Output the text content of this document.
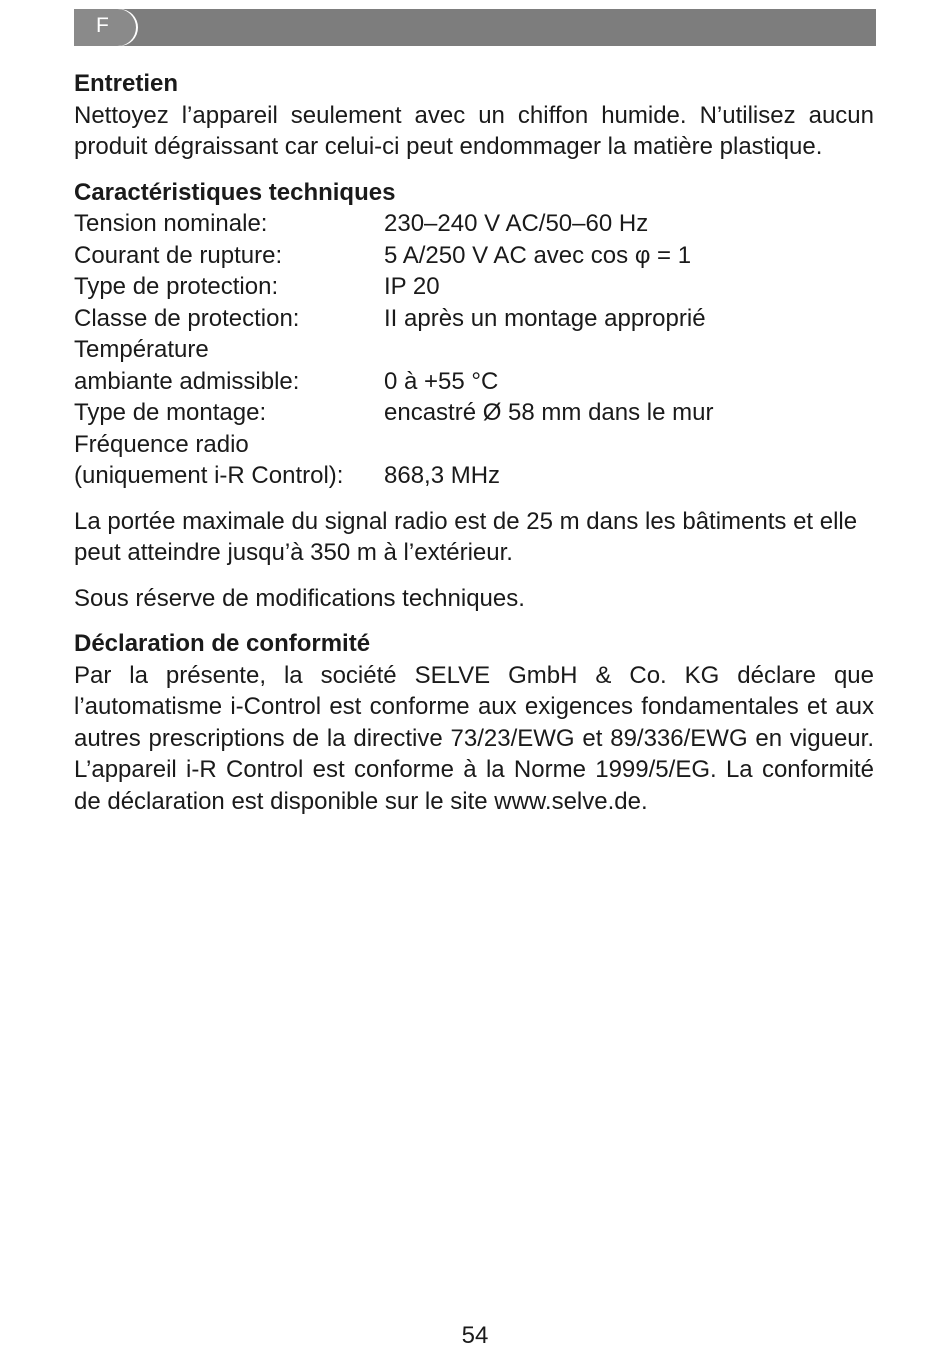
F
Entretien

Nettoyez l’appareil seulement avec un chiffon humide. N’utilisez aucun produit dégraissant car celui-ci peut endommager la matière plastique.

Caractéristiques techniques
Tension nominale:	230–240 V AC/50–60 Hz
Courant de rupture:	5 A/250 V AC avec cos φ = 1
Type de protection:	IP 20
Classe de protection:	II après un montage approprié
Température
ambiante admissible:	0 à +55 °C
Type de montage:	encastré Ø 58 mm dans le mur
Fréquence radio
(uniquement i-R Control):	868,3 MHz

La portée maximale du signal radio est de 25 m dans les bâtiments et elle peut atteindre jusqu’à 350 m à l’extérieur.

Sous réserve de modifications techniques.

Déclaration de conformité

Par la présente, la société SELVE GmbH & Co. KG déclare que l’automatisme i-Control est conforme aux exigences fondamentales et aux autres prescriptions de la directive 73/23/EWG et 89/336/EWG en vigueur. L’appareil i-R Control est conforme à la Norme 1999/5/EG. La conformité de déclaration est disponible sur le site www.selve.de.

54
